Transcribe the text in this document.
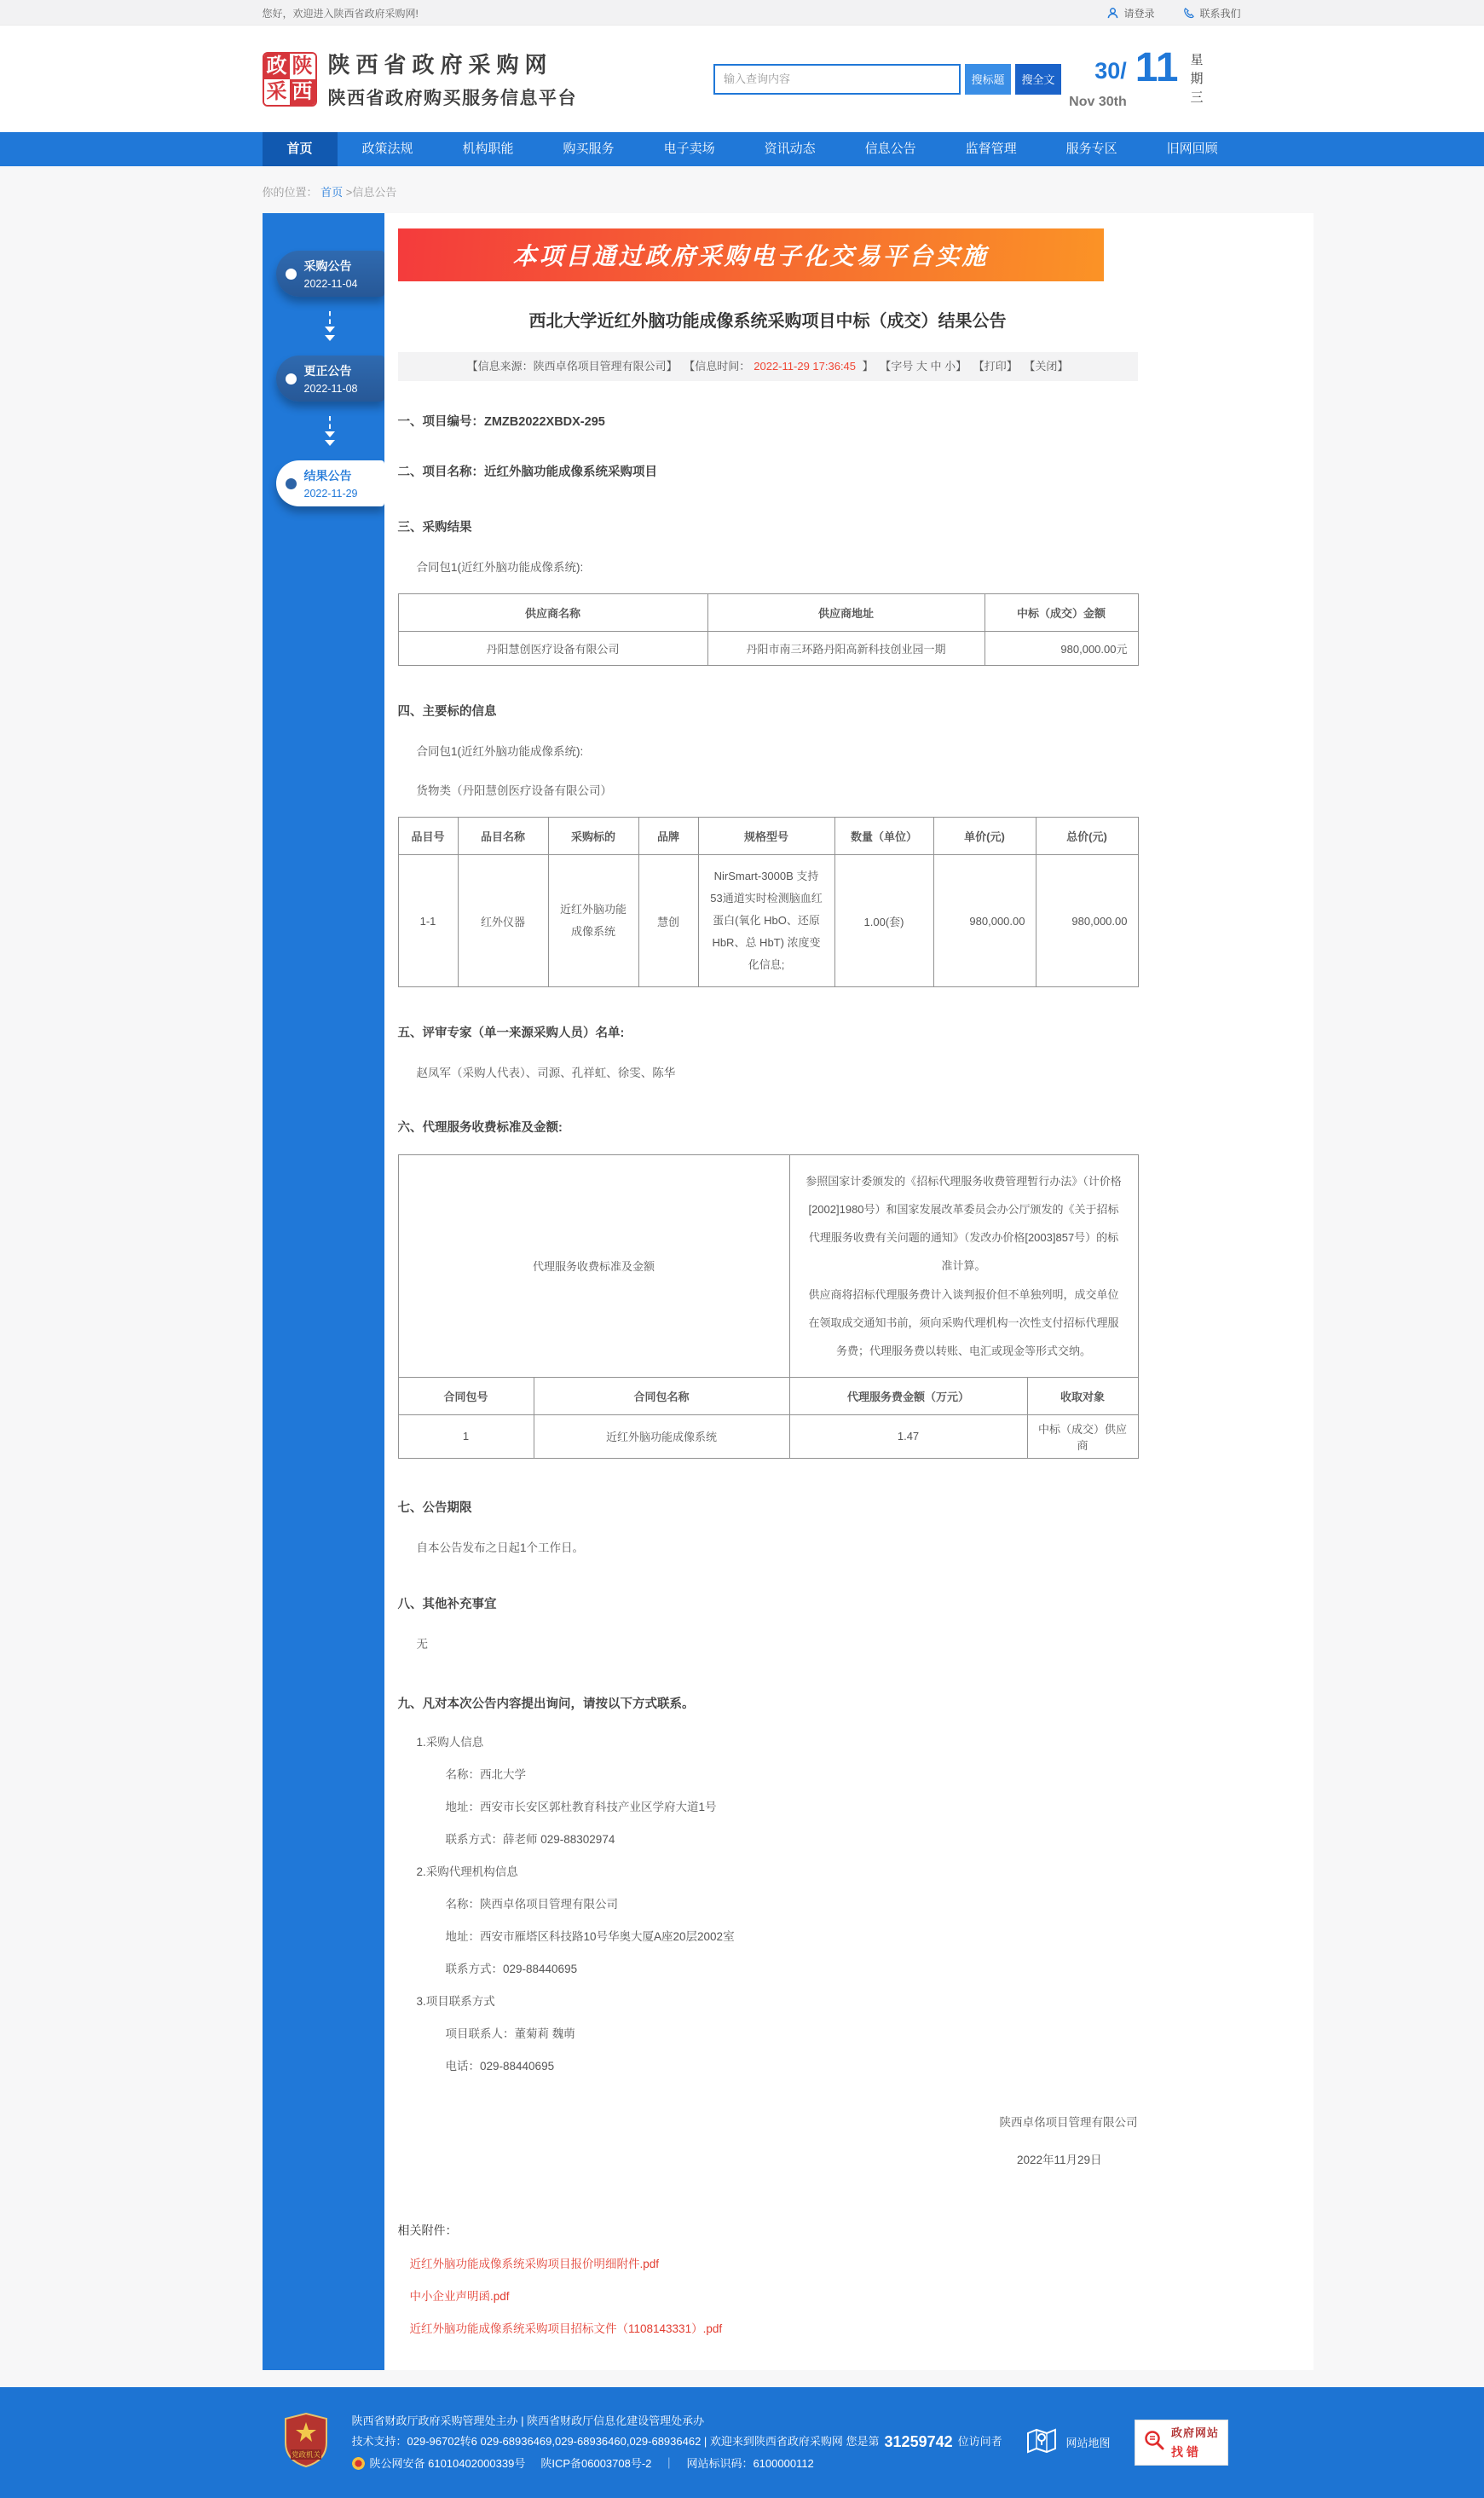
您好，欢迎进入陕西省政府采购网!	请登录	联系我们
政 陕
采 西
陕西省政府采购网
陕西省政府购买服务信息平台
输入查询内容
搜标题	搜全文 30/
Nov 30th
11 星期三
首页	政策法规	机构职能	购买服务	电子卖场	资讯动态	信息公告	监督管理	服务专区	旧网回顾
你的位置： 首页 >信息公告
采购公告
2022-11-04
更正公告
2022-11-08
结果公告
2022-11-29
本项目通过政府采购电子化交易平台实施
西北大学近红外脑功能成像系统采购项目中标（成交）结果公告
【信息来源：陕西卓佲项目管理有限公司】 【信息时间： 2022-11-29 17:36:45 】 【字号 大 中 小】 【打印】 【关闭】
一、项目编号：ZMZB2022XBDX-295
二、项目名称：近红外脑功能成像系统采购项目
三、采购结果
合同包1(近红外脑功能成像系统):
供应商名称	供应商地址	中标（成交）金额
丹阳慧创医疗设备有限公司	丹阳市南三环路丹阳高新科技创业园一期	980,000.00元
四、主要标的信息
合同包1(近红外脑功能成像系统):
货物类（丹阳慧创医疗设备有限公司）
品目号	品目名称	采购标的	品牌	规格型号	数量（单位）	单价(元)	总价(元)
1-1	红外仪器	近红外脑功能成像系统	慧创	NirSmart-3000B 支持53通道实时检测脑血红蛋白(氧化 HbO、还原 HbR、总 HbT) 浓度变化信息;	1.00(套)	980,000.00	980,000.00
五、评审专家（单一来源采购人员）名单:
赵凤军（采购人代表）、司源、孔祥虹、徐雯、陈华
六、代理服务收费标准及金额:
代理服务收费标准及金额		参照国家计委颁发的《招标代理服务收费管理暂行办法》（计价格[2002]1980号）和国家发展改革委员会办公厅颁发的《关于招标代理服务收费有关问题的通知》（发改办价格[2003]857号）的标准计算。

供应商将招标代理服务费计入谈判报价但不单独列明，成交单位在领取成交通知书前，须向采购代理机构一次性支付招标代理服务费；代理服务费以转账、电汇或现金等形式交纳。	

合同包号	合同包名称	代理服务费金额（万元）	收取对象
1	近红外脑功能成像系统	1.47	中标（成交）供应商
七、公告期限
自本公告发布之日起1个工作日。
八、其他补充事宜
无
九、凡对本次公告内容提出询问，请按以下方式联系。
1.采购人信息
名称：西北大学
地址：西安市长安区郭杜教育科技产业区学府大道1号
联系方式：薛老师 029-88302974
2.采购代理机构信息
名称：陕西卓佲项目管理有限公司
地址：西安市雁塔区科技路10号华奥大厦A座20层2002室
联系方式：029-88440695
3.项目联系方式
项目联系人：董菊莉 魏萌
电话：029-88440695
陕西卓佲项目管理有限公司
2022年11月29日
相关附件：
近红外脑功能成像系统采购项目报价明细附件.pdf
中小企业声明函.pdf
近红外脑功能成像系统采购项目招标文件（1108143331）.pdf
党政机关
陕西省财政厅政府采购管理处主办 | 陕西省财政厅信息化建设管理处承办
技术支持：029-96702转6 029-68936469,029-68936460,029-68936462 | 欢迎来到陕西省政府采购网 您是第 31259742 位访问者
陕公网安备 61010402000339号 陕ICP备06003708号-2 ｜ 网站标识码：6100000112
网站地图
政府网站
找错
